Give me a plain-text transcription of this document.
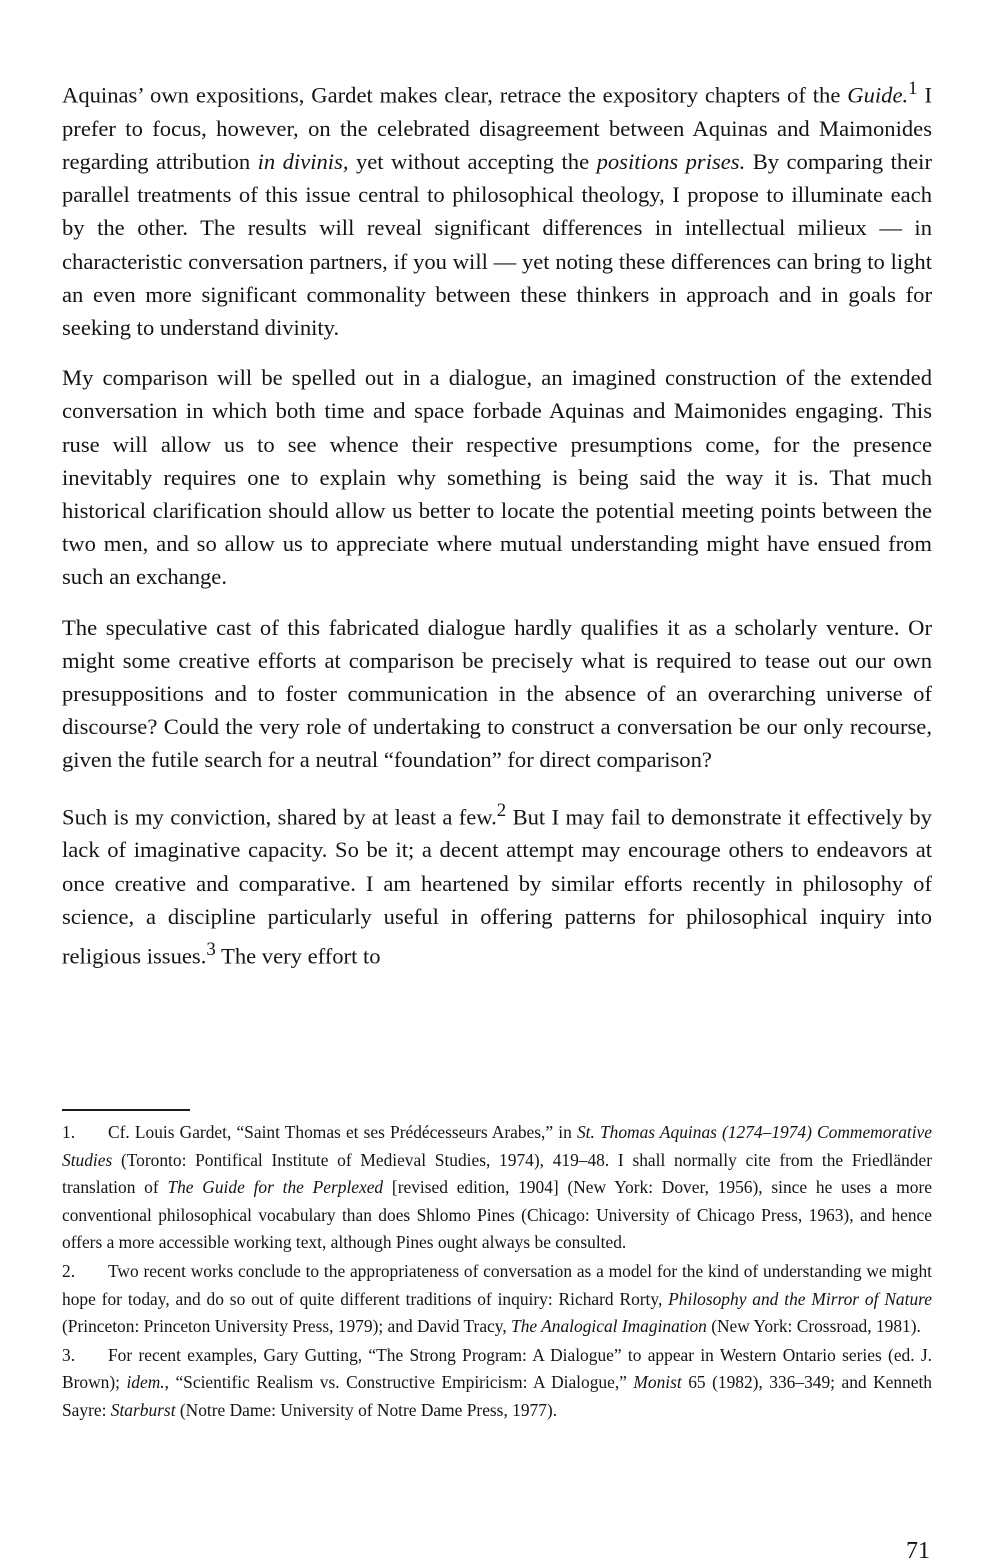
Aquinas’ own expositions, Gardet makes clear, retrace the expository chapters of the Guide.$^1$ I prefer to focus, however, on the celebrated disagreement between Aquinas and Maimonides regarding attribution in divinis, yet without accepting the positions prises. By comparing their parallel treatments of this issue central to philosophical theology, I propose to illuminate each by the other. The results will reveal significant differences in intellectual milieux — in characteristic conversation partners, if you will — yet noting these differences can bring to light an even more significant commonality between these thinkers in approach and in goals for seeking to understand divinity.

My comparison will be spelled out in a dialogue, an imagined construction of the extended conversation in which both time and space forbade Aquinas and Maimonides engaging. This ruse will allow us to see whence their respective presumptions come, for the presence inevitably requires one to explain why something is being said the way it is. That much historical clarification should allow us better to locate the potential meeting points between the two men, and so allow us to appreciate where mutual understanding might have ensued from such an exchange.

The speculative cast of this fabricated dialogue hardly qualifies it as a scholarly venture. Or might some creative efforts at comparison be precisely what is required to tease out our own presuppositions and to foster communication in the absence of an overarching universe of discourse? Could the very role of undertaking to construct a conversation be our only recourse, given the futile search for a neutral “foundation” for direct comparison?

Such is my conviction, shared by at least a few.$^2$ But I may fail to demonstrate it effectively by lack of imaginative capacity. So be it; a decent attempt may encourage others to endeavors at once creative and comparative. I am heartened by similar efforts recently in philosophy of science, a discipline particularly useful in offering patterns for philosophical inquiry into religious issues.$^3$ The very effort to

1. Cf. Louis Gardet, “Saint Thomas et ses Prédécesseurs Arabes,” in St. Thomas Aquinas (1274–1974) Commemorative Studies (Toronto: Pontifical Institute of Medieval Studies, 1974), 419–48. I shall normally cite from the Friedländer translation of The Guide for the Perplexed [revised edition, 1904] (New York: Dover, 1956), since he uses a more conventional philosophical vocabulary than does Shlomo Pines (Chicago: University of Chicago Press, 1963), and hence offers a more accessible working text, although Pines ought always be consulted.

2. Two recent works conclude to the appropriateness of conversation as a model for the kind of understanding we might hope for today, and do so out of quite different traditions of inquiry: Richard Rorty, Philosophy and the Mirror of Nature (Princeton: Princeton University Press, 1979); and David Tracy, The Analogical Imagination (New York: Crossroad, 1981).

3. For recent examples, Gary Gutting, “The Strong Program: A Dialogue” to appear in Western Ontario series (ed. J. Brown); idem., “Scientific Realism vs. Constructive Empiricism: A Dialogue,” Monist 65 (1982), 336–349; and Kenneth Sayre: Starburst (Notre Dame: University of Notre Dame Press, 1977).

71
